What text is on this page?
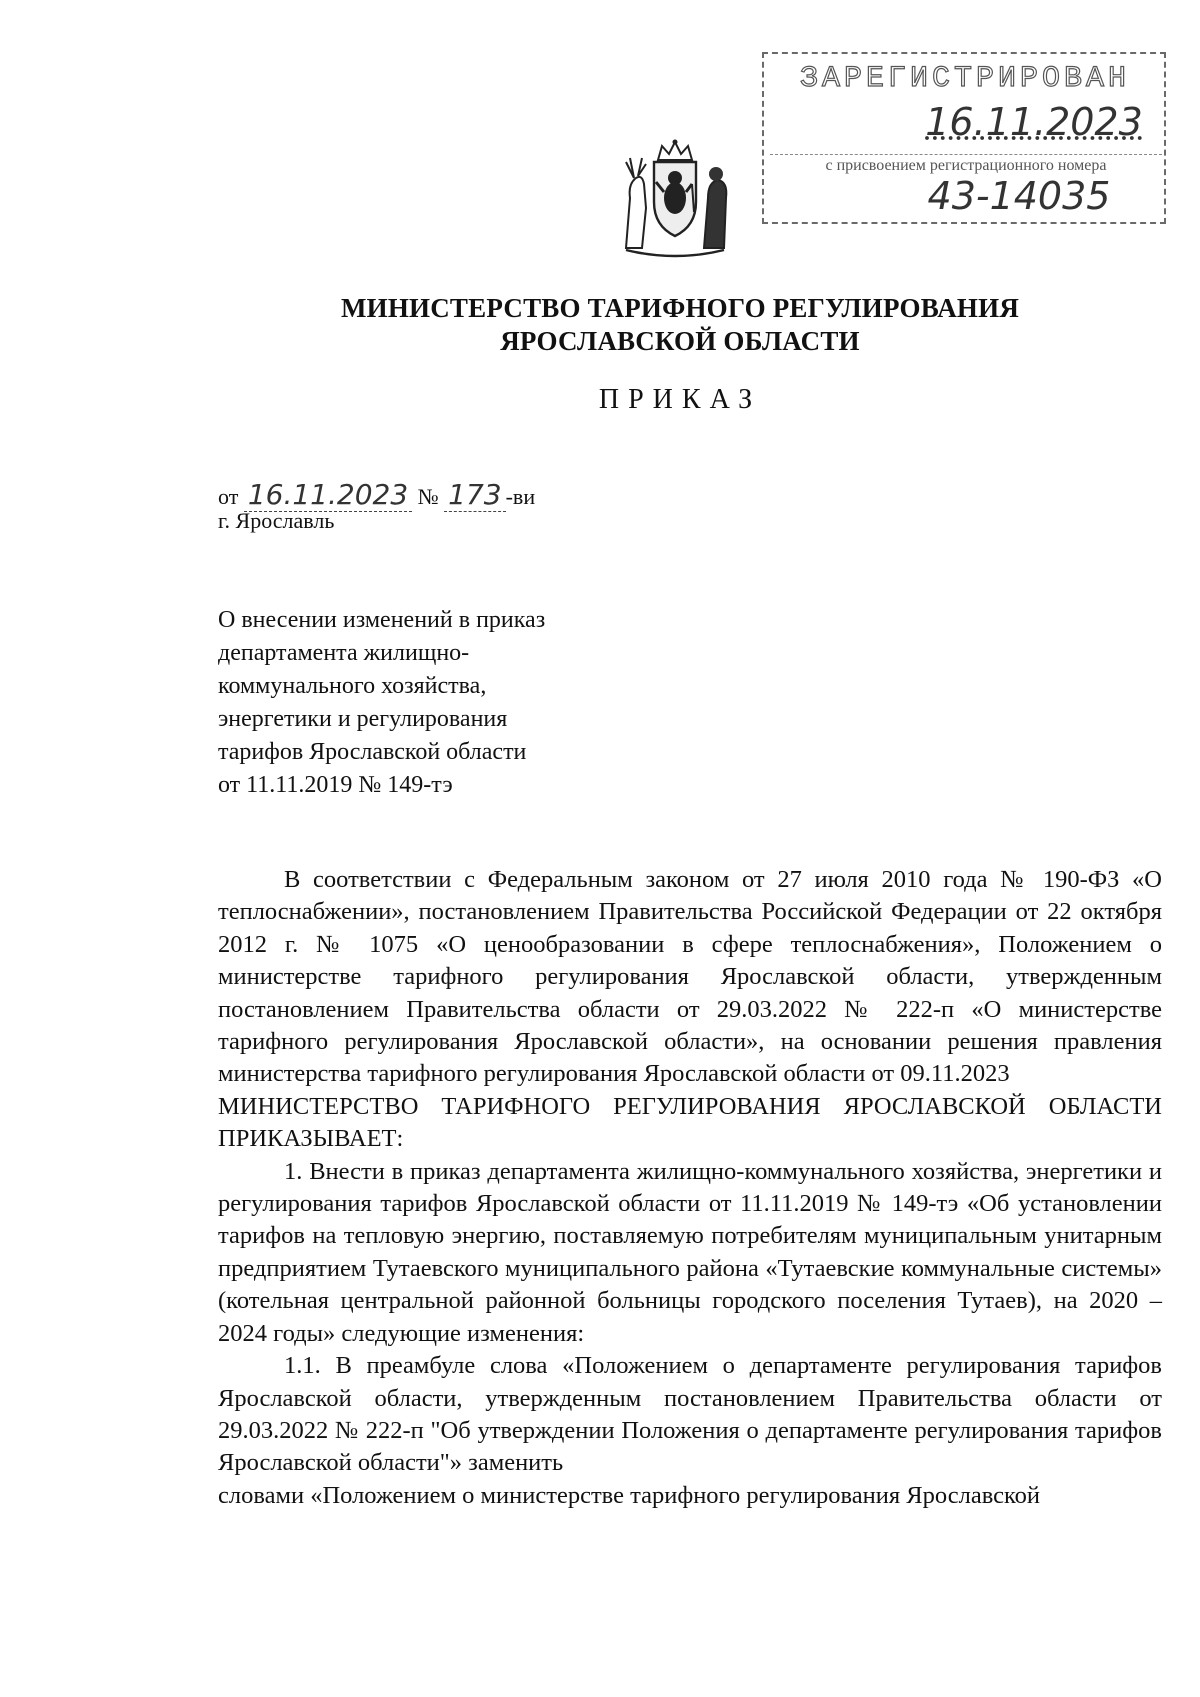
ЗАРЕГИСТРИРОВАН
16.11.2023
с присвоением регистрационного номера
43-14035
МИНИСТЕРСТВО ТАРИФНОГО РЕГУЛИРОВАНИЯ
ЯРОСЛАВСКОЙ ОБЛАСТИ
ПРИКАЗ
от 16.11.2023 № 173 -ви
г. Ярославль
О внесении изменений в приказ
департамента жилищно-
коммунального хозяйства,
энергетики и регулирования
тарифов Ярославской области
от 11.11.2019 № 149-тэ

В соответствии с Федеральным законом от 27 июля 2010 года № 190-ФЗ «О теплоснабжении», постановлением Правительства Российской Федерации от 22 октября 2012 г. № 1075 «О ценообразовании в сфере теплоснабжения», Положением о министерстве тарифного регулирования Ярославской области, утвержденным постановлением Правительства области от 29.03.2022 № 222-п «О министерстве тарифного регулирования Ярославской области», на основании решения правления министерства тарифного регулирования Ярославской области от 09.11.2023

МИНИСТЕРСТВО ТАРИФНОГО РЕГУЛИРОВАНИЯ ЯРОСЛАВСКОЙ ОБЛАСТИ ПРИКАЗЫВАЕТ:

1. Внести в приказ департамента жилищно-коммунального хозяйства, энергетики и регулирования тарифов Ярославской области от 11.11.2019 № 149-тэ «Об установлении тарифов на тепловую энергию, поставляемую потребителям муниципальным унитарным предприятием Тутаевского муниципального района «Тутаевские коммунальные системы» (котельная центральной районной больницы городского поселения Тутаев), на 2020 – 2024 годы» следующие изменения:

1.1. В преамбуле слова «Положением о департаменте регулирования тарифов Ярославской области, утвержденным постановлением Правительства области от 29.03.2022 № 222-п "Об утверждении Положения о департаменте регулирования тарифов Ярославской области"» заменить

словами «Положением о министерстве тарифного регулирования Ярославской
